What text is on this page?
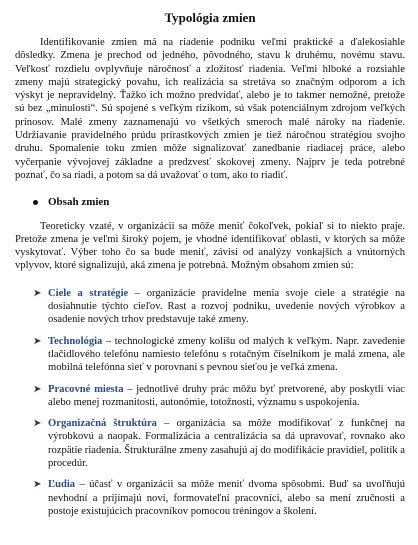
Typológia zmien

Identifikovanie zmien má na riadenie podniku veľmi praktické a ďalekosiahle dôsledky. Zmena je prechod od jedného, pôvodného, stavu k druhému, novému stavu. Veľkosť rozdielu ovplyvňuje náročnosť a zložitosť riadenia. Veľmi hlboké a rozsiahle zmeny majú strategický povahu, ich realizácia sa stretáva so značným odporom a ich výskyt je nepravidelný. Ťažko ich možno predvídať, alebo je to takmer nemožné, pretože sú bez „minulosti“. Sú spojené s veľkým rizikom, sú však potenciálnym zdrojom veľkých prínosov. Malé zmeny zaznamenajú vo všetkých smeroch malé nároky na riadenie. Udržiavanie pravidelného prúdu prírastkových zmien je tiež náročnou stratégiou svojho druhu. Spomalenie toku zmien môže signalizovať zanedbanie riadiacej práce, alebo vyčerpanie vývojovej základne a predzvesť skokovej zmeny. Najprv je teda potrebné poznať, čo sa riadi, a potom sa dá uvažovať o tom, ako to riadiť.

Obsah zmien

Teoreticky vzaté, v organizácii sa môže meniť čokoľvek, pokiaľ si to niekto praje. Pretože zmena je veľmi široký pojem, je vhodné identifikovať oblasti, v ktorých sa môže vyskytovať. Výber toho čo sa bude meniť, závisí od analýzy vonkajších a vnútorných vplyvov, ktoré signalizujú, aká zmena je potrebná. Možným obsahom zmien sú:

➤ Ciele a stratégie – organizácie pravidelne menia svoje ciele a stratégie na dosiahnutie týchto cieľov. Rast a rozvoj podniku, uvedenie nových výrobkov a osadenie nových trhov predstavuje také zmeny.
➤ Technológia – technologické zmeny kolíšu od malých k veľkým. Napr. zavedenie tlačidlového telefónu namiesto telefónu s rotačným číselníkom je malá zmena, ale mobilná telefónna sieť v porovnaní s pevnou sieťou je veľká zmena.
➤ Pracovné miesta – jednotlivé druhy prác môžu byť pretvorené, aby poskytli viac alebo menej rozmanitosti, autonómie, totožnosti, významu s uspokojenia.
➤ Organizačná štruktúra – organizácia sa môže modifikovať z funkčnej na výrobkovú a naopak. Formalizácia a centralizácia sa dá upravovať, rovnako ako rozpätie riadenia. Štrukturálne zmeny zasahujú aj do modifikácie pravidiel, politík a procedúr.
➤ Ľudia – účasť v organizácii sa môže meniť dvoma spôsobmi. Buď sa uvoľňujú nevhodní a prijímajú noví, formovateľní pracovníci, alebo sa mení zručnosti a postoje existujúcich pracovníkov pomocou tréningov a školení.
